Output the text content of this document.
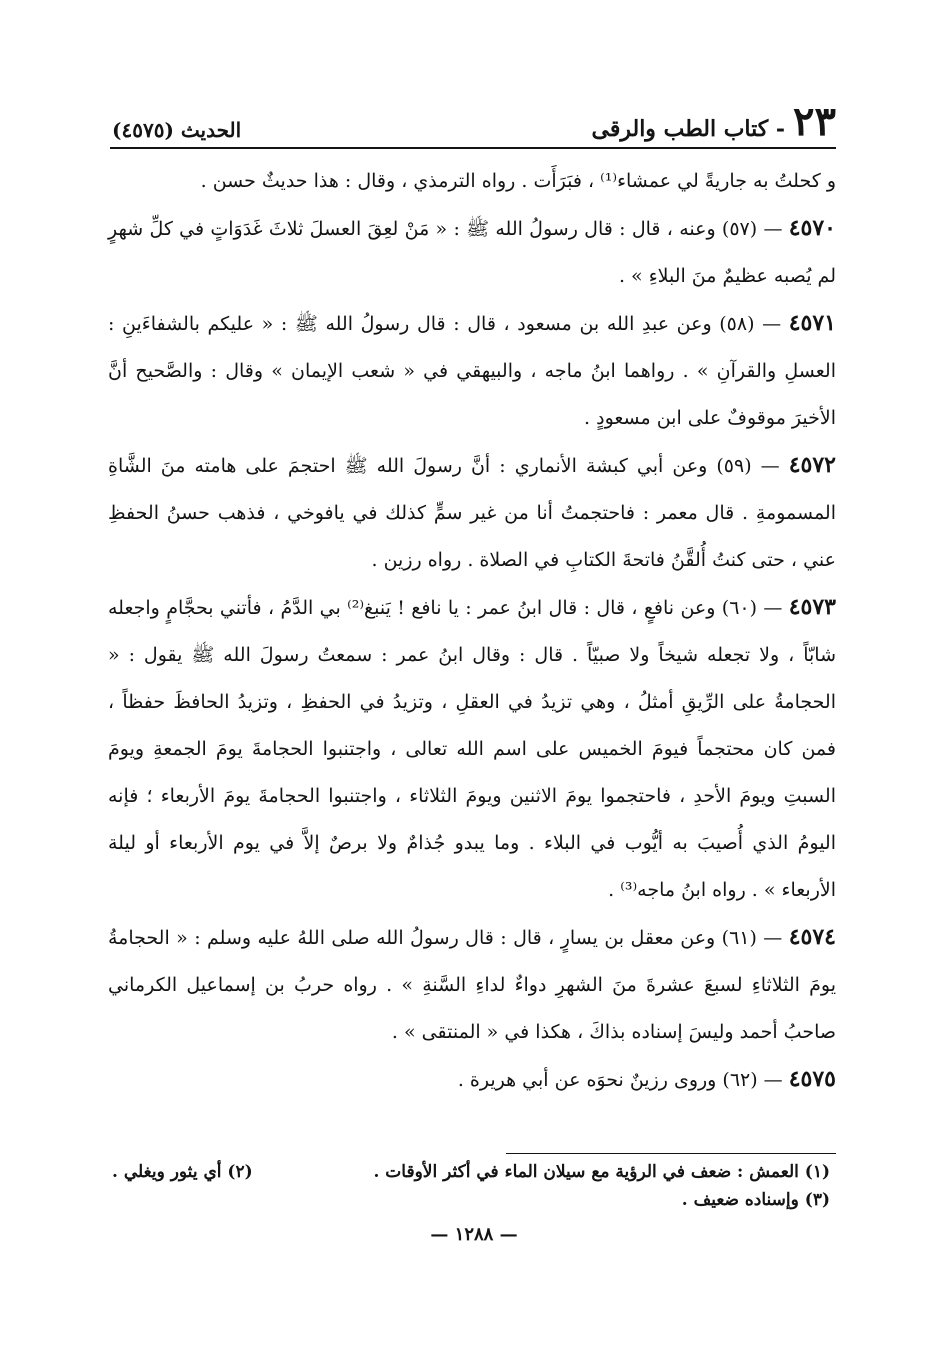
٢٣
- كتاب الطب والرقى
الحديث (٤٥٧٥)

و كحلتُ به جاريةً لي عمشاء⁽¹⁾ ، فبَرَأَت . رواه الترمذي ، وقال : هذا حديثٌ حسن .

٤٥٧٠ — (٥٧) وعنه ، قال : قال رسولُ الله ﷺ : « مَنْ لعِقَ العسلَ ثلاثَ غَدَوَاتٍ في كلِّ شهرٍ لم يُصبه عظيمٌ منَ البلاءِ » .

٤٥٧١ — (٥٨) وعن عبدِ الله بن مسعود ، قال : قال رسولُ الله ﷺ : « عليكم بالشفاءَينِ : العسلِ والقرآنِ » . رواهما ابنُ ماجه ، والبيهقي في « شعب الإيمان » وقال : والصَّحيح أنَّ الأخيرَ موقوفٌ على ابن مسعودٍ .

٤٥٧٢ — (٥٩) وعن أبي كبشة الأنماري : أنَّ رسولَ الله ﷺ احتجمَ على هامته منَ الشَّاةِ المسمومةِ . قال معمر : فاحتجمتُ أنا من غير سمٍّ كذلك في يافوخي ، فذهب حسنُ الحفظِ عني ، حتى كنتُ أُلقَّنُ فاتحةَ الكتابِ في الصلاة . رواه رزين .

٤٥٧٣ — (٦٠) وعن نافعٍ ، قال : قال ابنُ عمر : يا نافع ! يَنبغ⁽²⁾ بي الدَّمُ ، فأتني بحجَّامٍ واجعله شابّاً ، ولا تجعله شيخاً ولا صبيّاً . قال : وقال ابنُ عمر : سمعتُ رسولَ الله ﷺ يقول : « الحجامةُ على الرِّيقِ أمثلُ ، وهي تزيدُ في العقلِ ، وتزيدُ في الحفظِ ، وتزيدُ الحافظَ حفظاً ، فمن كان محتجماً فيومَ الخميس على اسم الله تعالى ، واجتنبوا الحجامةَ يومَ الجمعةِ ويومَ السبتِ ويومَ الأحدِ ، فاحتجموا يومَ الاثنين ويومَ الثلاثاء ، واجتنبوا الحجامةَ يومَ الأربعاء ؛ فإنه اليومُ الذي أُصيبَ به أيُّوب في البلاء . وما يبدو جُذامٌ ولا برصٌ إلاَّ في يوم الأربعاء أو ليلة الأربعاء » . رواه ابنُ ماجه⁽³⁾ .

٤٥٧٤ — (٦١) وعن معقل بن يسارٍ ، قال : قال رسولُ الله صلى اللهُ عليه وسلم : « الحجامةُ يومَ الثلاثاءِ لسبعَ عشرةَ منَ الشهرِ دواءٌ لداءِ السَّنةِ » . رواه حربُ بن إسماعيل الكرماني صاحبُ أحمد وليسَ إسناده بذاكَ ، هكذا في « المنتقى » .

٤٥٧٥ — (٦٢) وروى رزينٌ نحوَه عن أبي هريرة .

(١) العمش : ضعف في الرؤية مع سيلان الماء في أكثر الأوقات .
(٢) أي يثور ويغلي .
(٣) وإسناده ضعيف .
— ١٢٨٨ —
